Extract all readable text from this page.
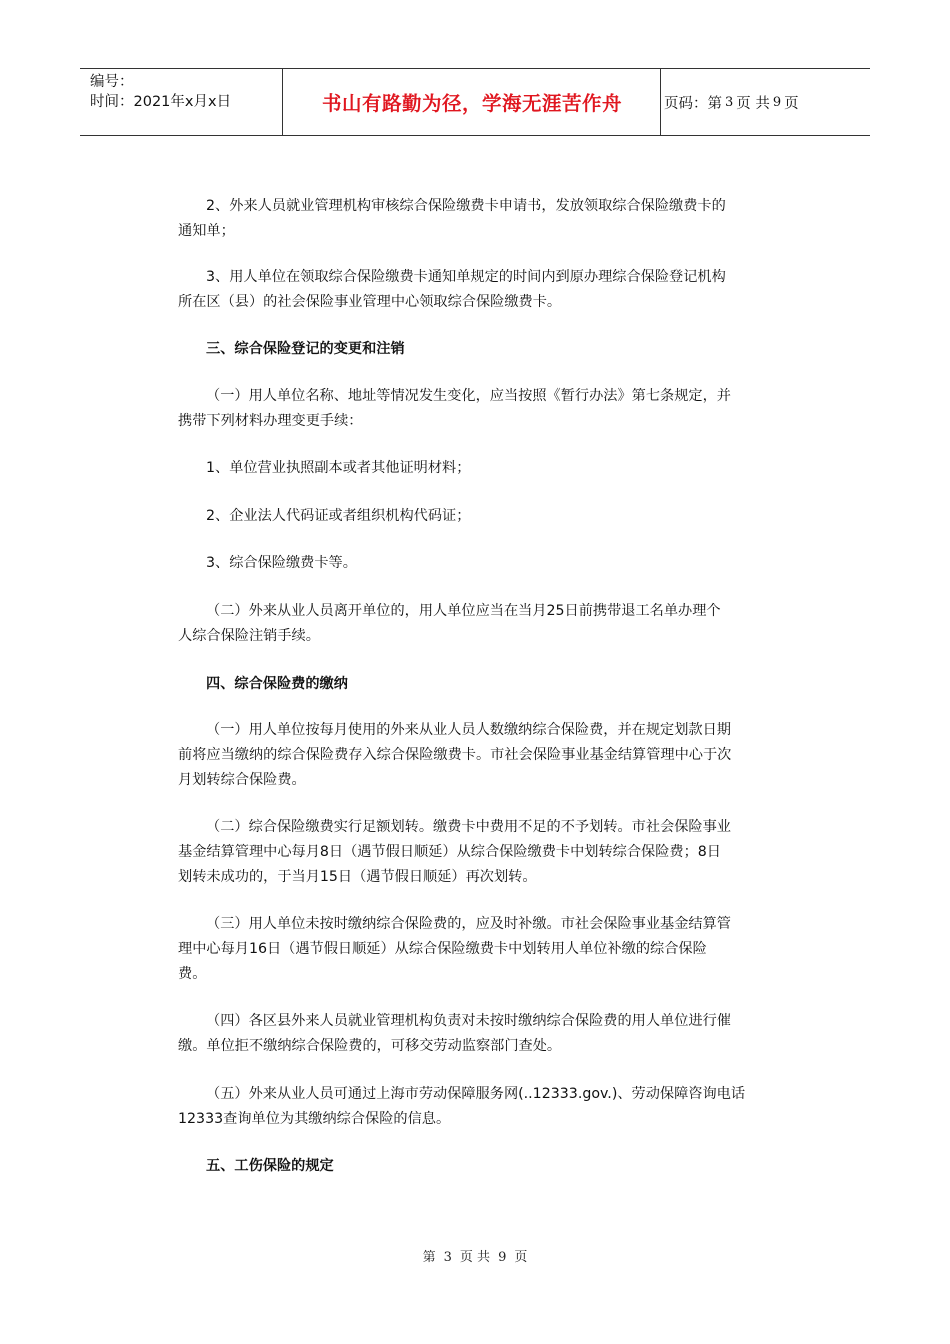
编号：
时间：2021年x月x日	书山有路勤为径，学海无涯苦作舟	页码：第 3 页 共 9 页
2、外来人员就业管理机构审核综合保险缴费卡申请书，发放领取综合保险缴费卡的
通知单；
3、用人单位在领取综合保险缴费卡通知单规定的时间内到原办理综合保险登记机构
所在区（县）的社会保险事业管理中心领取综合保险缴费卡。
三、综合保险登记的变更和注销
（一）用人单位名称、地址等情况发生变化，应当按照《暂行办法》第七条规定，并
携带下列材料办理变更手续：
1、单位营业执照副本或者其他证明材料；
2、企业法人代码证或者组织机构代码证；
3、综合保险缴费卡等。
（二）外来从业人员离开单位的，用人单位应当在当月25日前携带退工名单办理个
人综合保险注销手续。
四、综合保险费的缴纳
（一）用人单位按每月使用的外来从业人员人数缴纳综合保险费，并在规定划款日期
前将应当缴纳的综合保险费存入综合保险缴费卡。市社会保险事业基金结算管理中心于次
月划转综合保险费。
（二）综合保险缴费实行足额划转。缴费卡中费用不足的不予划转。市社会保险事业
基金结算管理中心每月8日（遇节假日顺延）从综合保险缴费卡中划转综合保险费；8日
划转未成功的，于当月15日（遇节假日顺延）再次划转。
（三）用人单位未按时缴纳综合保险费的，应及时补缴。市社会保险事业基金结算管
理中心每月16日（遇节假日顺延）从综合保险缴费卡中划转用人单位补缴的综合保险
费。
（四）各区县外来人员就业管理机构负责对未按时缴纳综合保险费的用人单位进行催
缴。单位拒不缴纳综合保险费的，可移交劳动监察部门查处。
（五）外来从业人员可通过上海市劳动保障服务网(..12333.gov.)、劳动保障咨询电话
12333查询单位为其缴纳综合保险的信息。
五、工伤保险的规定
第 3 页 共 9 页
